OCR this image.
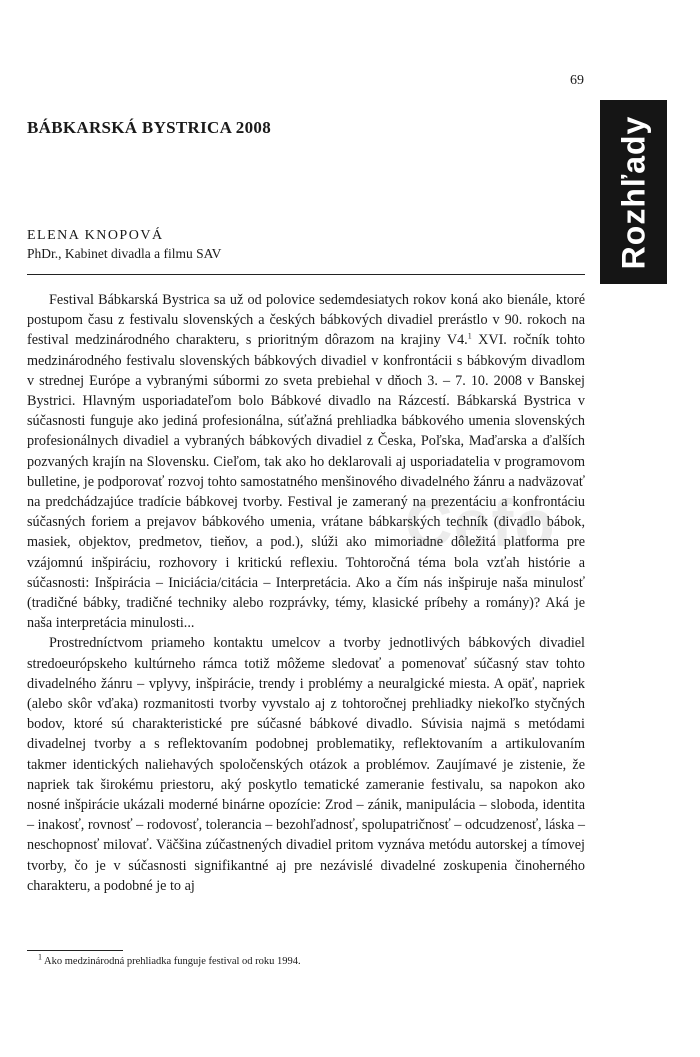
69
Rozhľady
BÁBKARSKÁ BYSTRICA 2008
ELENA KNOPOVÁ
PhDr., Kabinet divadla a filmu SAV

Festival Bábkarská Bystrica sa už od polovice sedemdesiatych rokov koná ako bienále, ktoré postupom času z festivalu slovenských a českých bábkových divadiel prerástlo v 90. rokoch na festival medzinárodného charakteru, s prioritným dôrazom na krajiny V4.$^1$ XVI. ročník tohto medzinárodného festivalu slovenských bábkových divadiel v konfrontácii s bábkovým divadlom v strednej Európe a vybranými súbormi zo sveta prebiehal v dňoch 3. – 7. 10. 2008 v Banskej Bystrici. Hlavným usporiadateľom bolo Bábkové divadlo na Rázcestí. Bábkarská Bystrica v súčasnosti funguje ako jediná profesionálna, súťažná prehliadka bábkového umenia slovenských profesionálnych divadiel a vybraných bábkových divadiel z Česka, Poľska, Maďarska a ďalších pozvaných krajín na Slovensku. Cieľom, tak ako ho deklarovali aj usporiadatelia v programovom bulletine, je podporovať rozvoj tohto samostatného menšinového divadelného žánru a nadväzovať na predchádzajúce tradície bábkovej tvorby. Festival je zameraný na prezentáciu a konfrontáciu súčasných foriem a prejavov bábkového umenia, vrátane bábkarských techník (divadlo bábok, masiek, objektov, predmetov, tieňov, a pod.), slúži ako mimoriadne dôležitá platforma pre vzájomnú inšpiráciu, rozhovory i kritickú reflexiu. Tohtoročná téma bola vzťah histórie a súčasnosti: Inšpirácia – Iniciácia/citácia – Interpretácia. Ako a čím nás inšpiruje naša minulosť (tradičné bábky, tradičné techniky alebo rozprávky, témy, klasické príbehy a romány)? Aká je naša interpretácia minulosti...

Prostredníctvom priameho kontaktu umelcov a tvorby jednotlivých bábkových divadiel stredoeurópskeho kultúrneho rámca totiž môžeme sledovať a pomenovať súčasný stav tohto divadelného žánru – vplyvy, inšpirácie, trendy i problémy a neuralgické miesta. A opäť, napriek (alebo skôr vďaka) rozmanitosti tvorby vyvstalo aj z tohtoročnej prehliadky niekoľko styčných bodov, ktoré sú charakteristické pre súčasné bábkové divadlo. Súvisia najmä s metódami divadelnej tvorby a s reflektovaním podobnej problematiky, reflektovaním a artikulovaním takmer identických naliehavých spoločenských otázok a problémov. Zaujímavé je zistenie, že napriek tak širokému priestoru, aký poskytlo tematické zameranie festivalu, sa napokon ako nosné inšpirácie ukázali moderné binárne opozície: Zrod – zánik, manipulácia – sloboda, identita – inakosť, rovnosť – rodovosť, tolerancia – bezohľadnosť, spolupatričnosť – odcudzenosť, láska – neschopnosť milovať. Väčšina zúčastnených divadiel pritom vyznáva metódu autorskej a tímovej tvorby, čo je v súčasnosti signifikantné aj pre nezávislé divadelné zoskupenia činoherného charakteru, a podobné je to aj

$^1$ Ako medzinárodná prehliadka funguje festival od roku 1994.
Cefo
